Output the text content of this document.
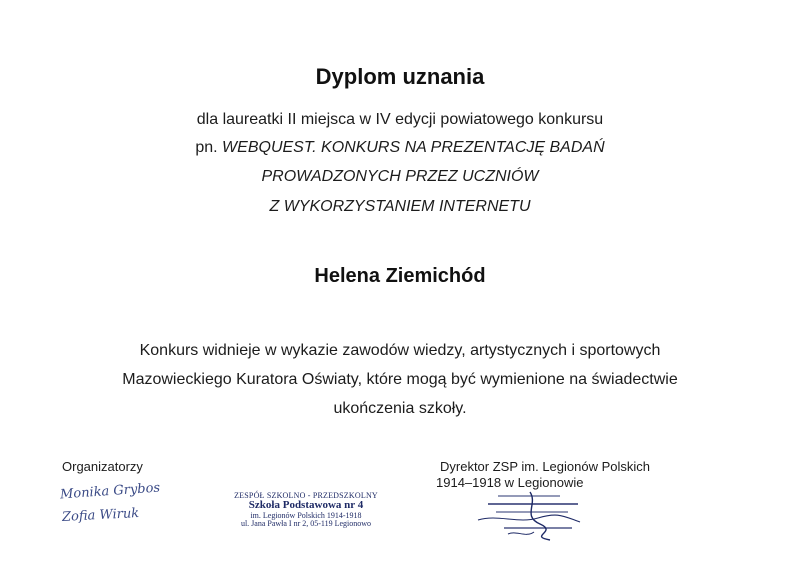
Dyplom uznania
dla laureatki II miejsca w IV edycji powiatowego konkursu
pn. WEBQUEST. KONKURS NA PREZENTACJĘ BADAŃ
PROWADZONYCH PRZEZ UCZNIÓW
Z WYKORZYSTANIEM INTERNETU
Helena Ziemichód
Konkurs widnieje w wykazie zawodów wiedzy, artystycznych i sportowych
Mazowieckiego Kuratora Oświaty, które mogą być wymienione na świadectwie
ukończenia szkoły.
Organizatorzy
Monika Grybos
Zofia Wiruk
ZESPÓŁ SZKOLNO - PRZEDSZKOLNY
Szkoła Podstawowa nr 4
im. Legionów Polskich 1914-1918
ul. Jana Pawła I nr 2, 05-119 Legionowo
Dyrektor ZSP im. Legionów Polskich
1914–1918 w Legionowie
